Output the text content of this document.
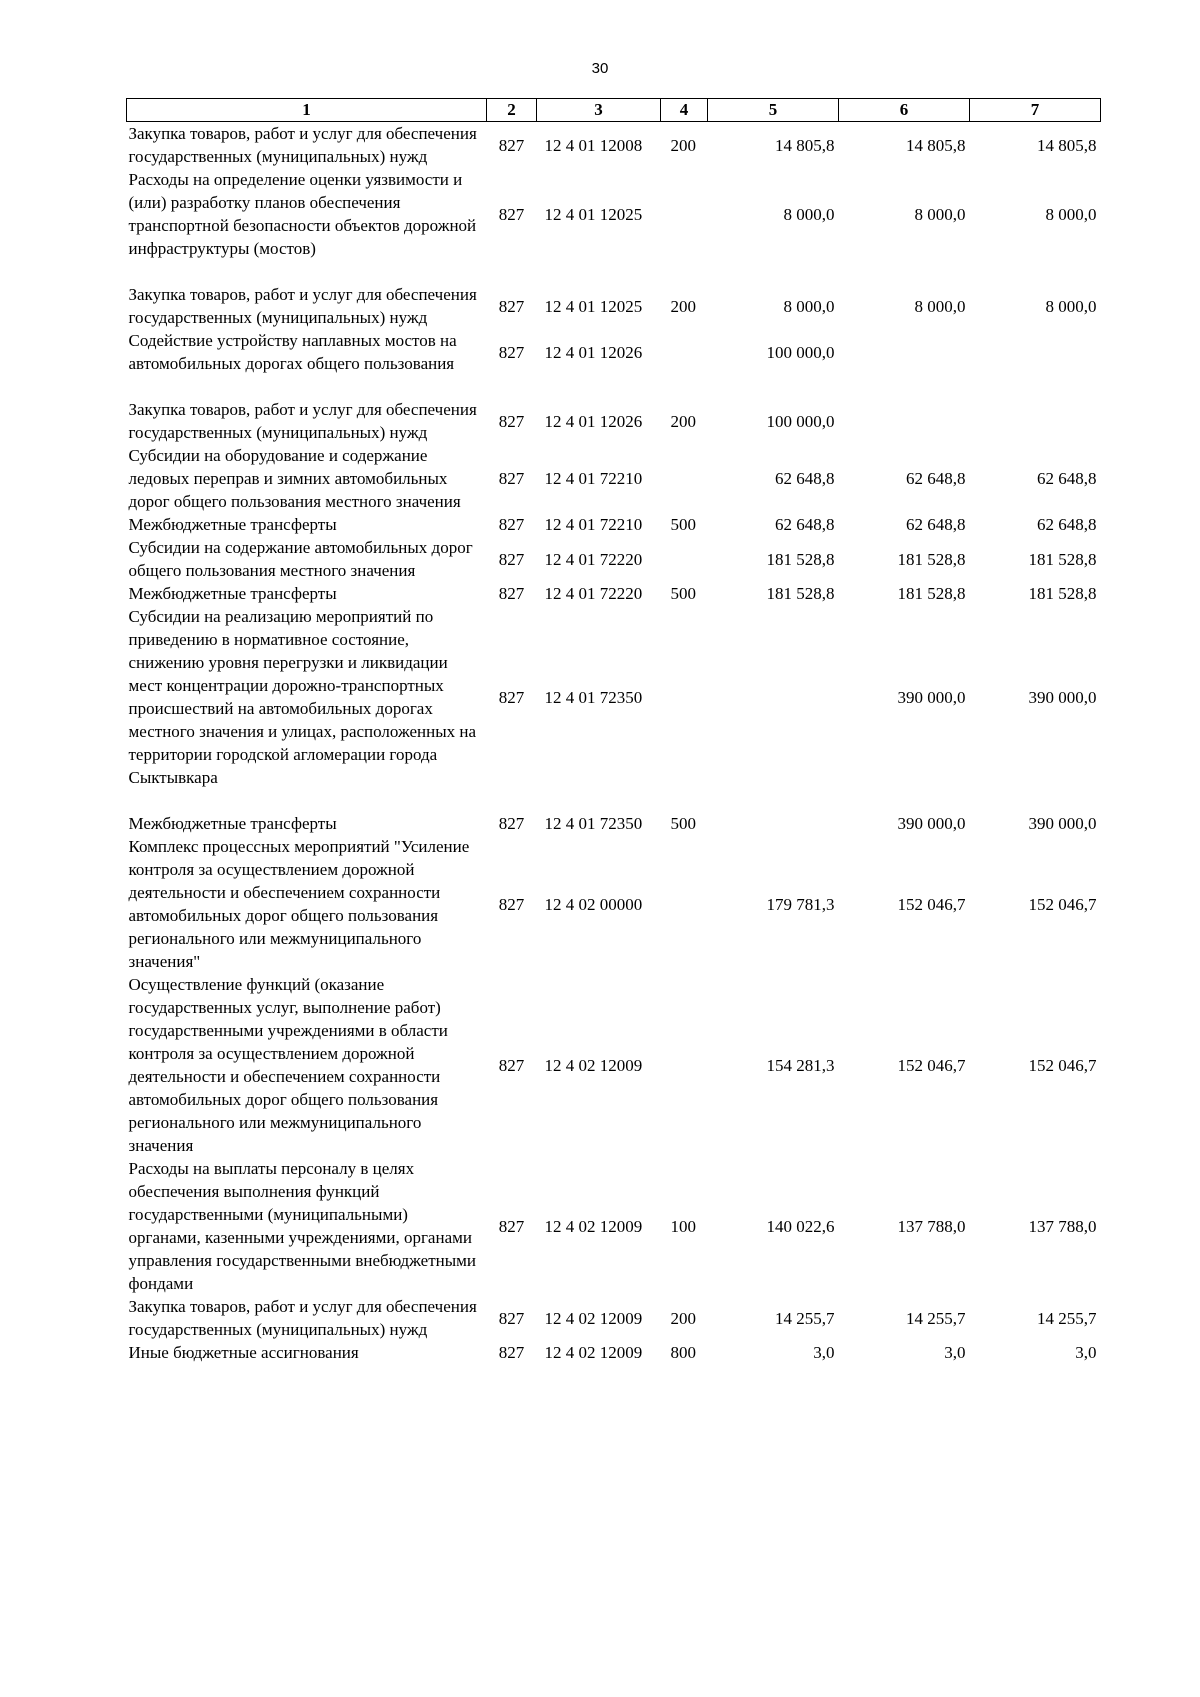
30
1	2	3	4	5	6	7
Закупка товаров, работ и услуг для обеспечения государственных (муниципальных) нужд	827	12 4 01 12008	200	14 805,8	14 805,8	14 805,8
Расходы на определение оценки уязвимости и (или) разработку планов обеспечения транспортной безопасности объектов дорожной инфраструктуры (мостов)	827	12 4 01 12025		8 000,0	8 000,0	8 000,0
Закупка товаров, работ и услуг для обеспечения государственных (муниципальных) нужд	827	12 4 01 12025	200	8 000,0	8 000,0	8 000,0
Содействие устройству наплавных мостов на автомобильных дорогах общего пользования	827	12 4 01 12026		100 000,0		
Закупка товаров, работ и услуг для обеспечения государственных (муниципальных) нужд	827	12 4 01 12026	200	100 000,0		
Субсидии на оборудование и содержание ледовых переправ и зимних автомобильных дорог общего пользования местного значения	827	12 4 01 72210		62 648,8	62 648,8	62 648,8
Межбюджетные трансферты	827	12 4 01 72210	500	62 648,8	62 648,8	62 648,8
Субсидии на содержание автомобильных дорог общего пользования местного значения	827	12 4 01 72220		181 528,8	181 528,8	181 528,8
Межбюджетные трансферты	827	12 4 01 72220	500	181 528,8	181 528,8	181 528,8
Субсидии на реализацию мероприятий по приведению в нормативное состояние, снижению уровня перегрузки и ликвидации мест концентрации дорожно-транспортных происшествий на автомобильных дорогах местного значения и улицах, расположенных на территории городской агломерации города Сыктывкара	827	12 4 01 72350			390 000,0	390 000,0
Межбюджетные трансферты	827	12 4 01 72350	500		390 000,0	390 000,0
Комплекс процессных мероприятий "Усиление контроля за осуществлением дорожной деятельности и обеспечением сохранности автомобильных дорог общего пользования регионального или межмуниципального значения"	827	12 4 02 00000		179 781,3	152 046,7	152 046,7
Осуществление функций (оказание государственных услуг, выполнение работ) государственными учреждениями в области контроля за осуществлением дорожной деятельности и обеспечением сохранности автомобильных дорог общего пользования регионального или межмуниципального значения	827	12 4 02 12009		154 281,3	152 046,7	152 046,7
Расходы на выплаты персоналу в целях обеспечения выполнения функций государственными (муниципальными) органами, казенными учреждениями, органами управления государственными внебюджетными фондами	827	12 4 02 12009	100	140 022,6	137 788,0	137 788,0
Закупка товаров, работ и услуг для обеспечения государственных (муниципальных) нужд	827	12 4 02 12009	200	14 255,7	14 255,7	14 255,7
Иные бюджетные ассигнования	827	12 4 02 12009	800	3,0	3,0	3,0
